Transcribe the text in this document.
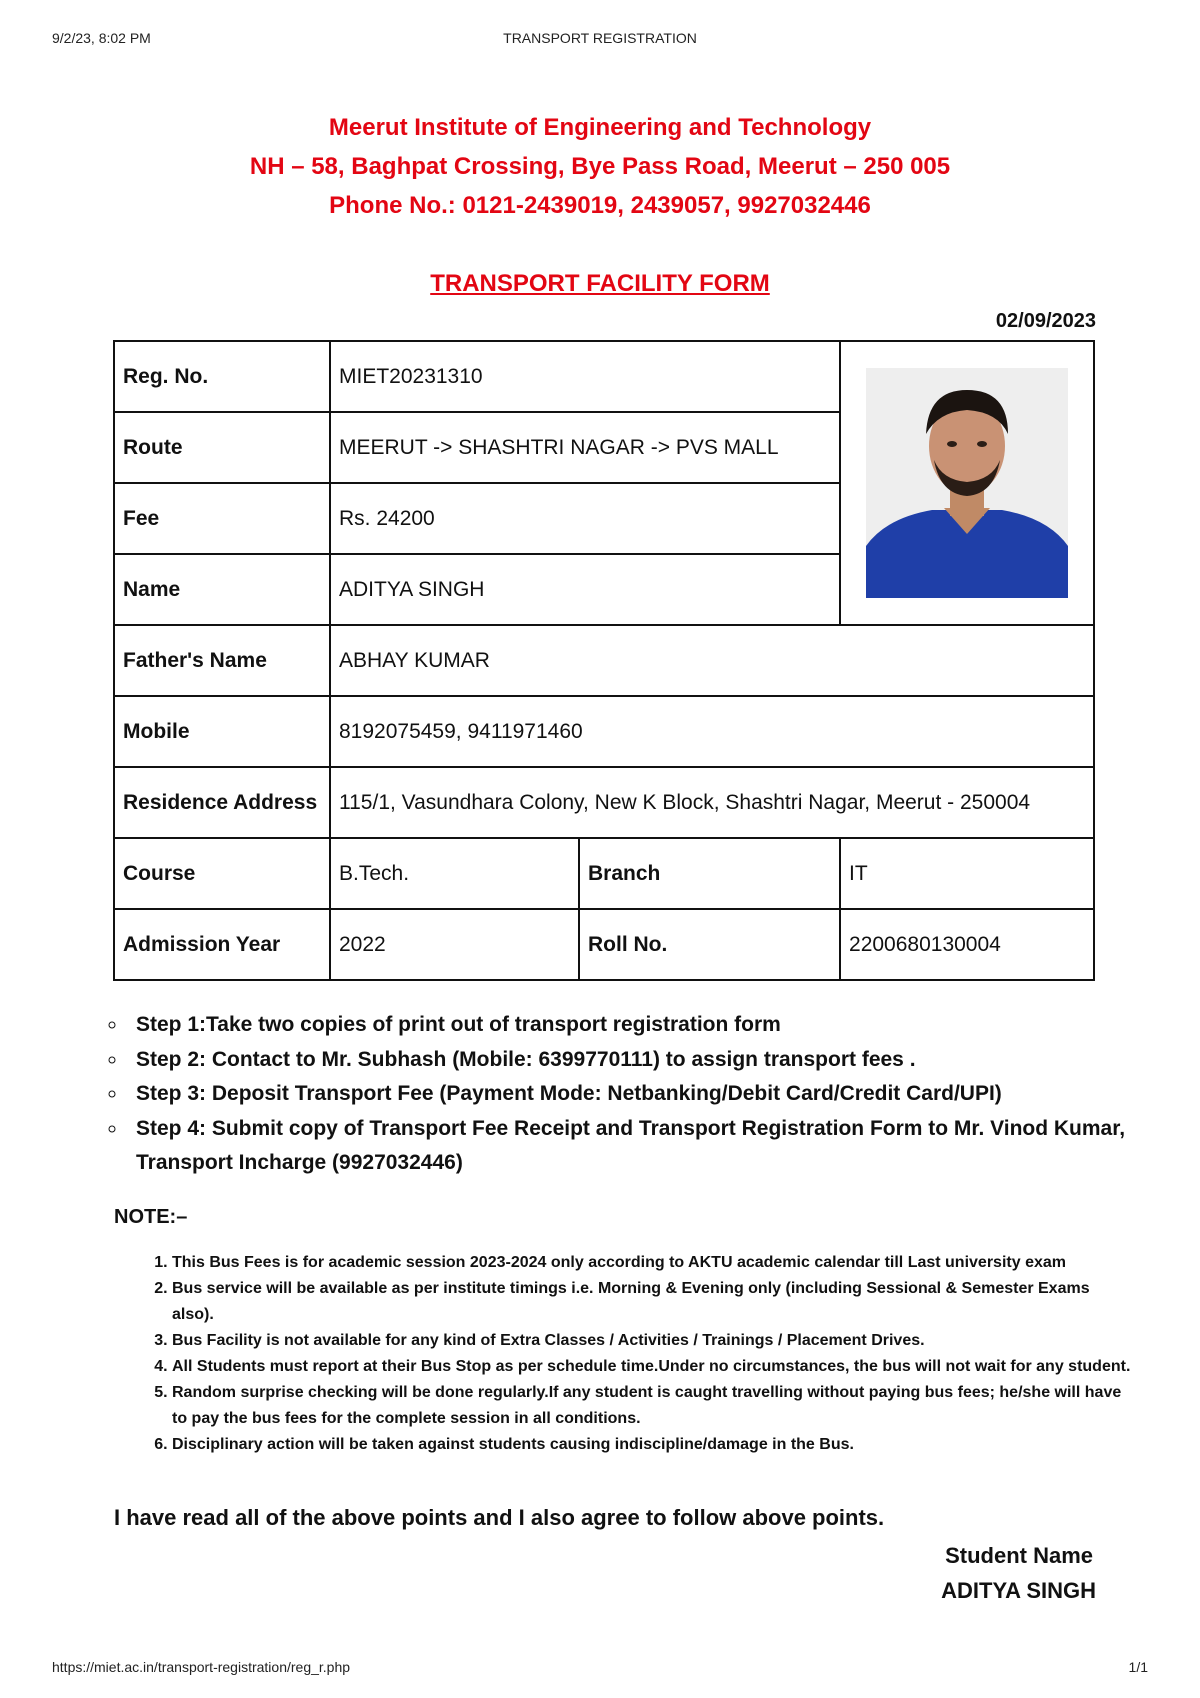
9/2/23, 8:02 PM	TRANSPORT REGISTRATION
Meerut Institute of Engineering and Technology
NH – 58, Baghpat Crossing, Bye Pass Road, Meerut – 250 005
Phone No.: 0121-2439019, 2439057, 9927032446
TRANSPORT FACILITY FORM
02/09/2023
Reg. No.	MIET20231310	
Route	MEERUT -> SHASHTRI NAGAR -> PVS MALL		
Fee	Rs. 24200		
Name	ADITYA SINGH		
Father's Name	ABHAY KUMAR		
Mobile	8192075459, 9411971460		
Residence Address	115/1, Vasundhara Colony, New K Block, Shashtri Nagar, Meerut - 250004		
Course	B.Tech.	Branch	IT
Admission Year	2022	Roll No.	2200680130004
◦ Step 1:Take two copies of print out of transport registration form
◦ Step 2: Contact to Mr. Subhash (Mobile: 6399770111) to assign transport fees .
◦ Step 3: Deposit Transport Fee (Payment Mode: Netbanking/Debit Card/Credit Card/UPI)
◦ Step 4: Submit copy of Transport Fee Receipt and Transport Registration Form to Mr. Vinod Kumar, Transport Incharge (9927032446)
NOTE:–
1. This Bus Fees is for academic session 2023-2024 only according to AKTU academic calendar till Last university exam
2. Bus service will be available as per institute timings i.e. Morning & Evening only (including Sessional & Semester Exams also).
3. Bus Facility is not available for any kind of Extra Classes / Activities / Trainings / Placement Drives.
4. All Students must report at their Bus Stop as per schedule time.Under no circumstances, the bus will not wait for any student.
5. Random surprise checking will be done regularly.If any student is caught travelling without paying bus fees; he/she will have to pay the bus fees for the complete session in all conditions.
6. Disciplinary action will be taken against students causing indiscipline/damage in the Bus.
I have read all of the above points and I also agree to follow above points.
Student Name
ADITYA SINGH
https://miet.ac.in/transport-registration/reg_r.php	1/1
